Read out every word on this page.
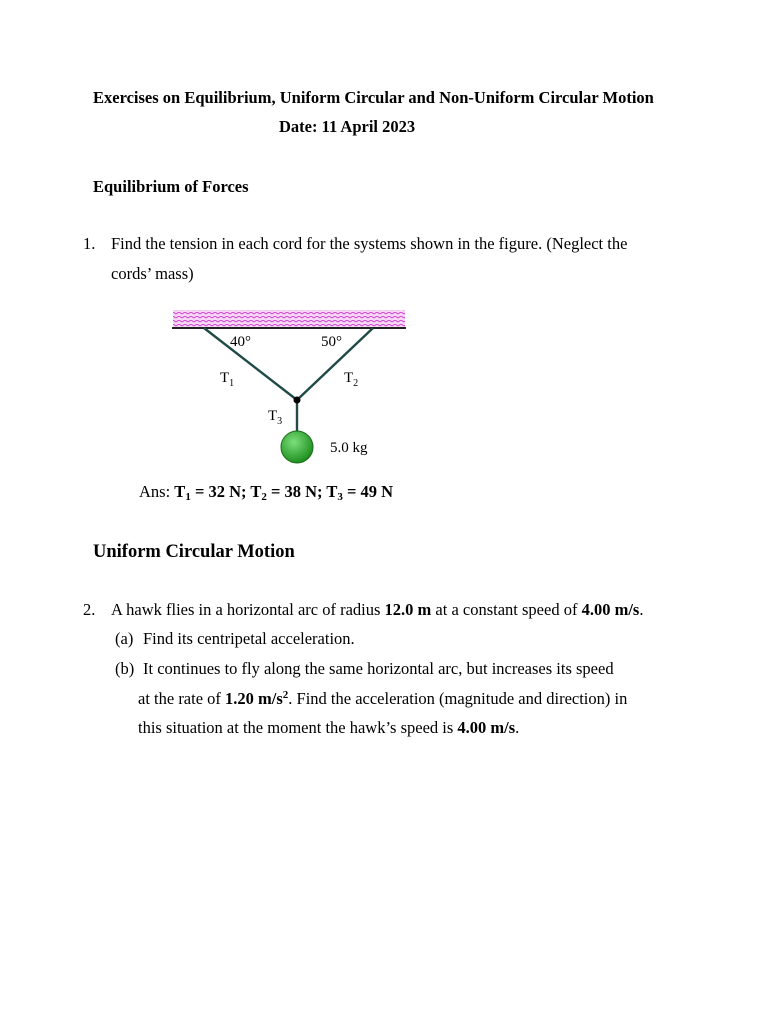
Exercises on Equilibrium, Uniform Circular and Non-Uniform Circular Motion
Date: 11 April 2023
Equilibrium of Forces
1. Find the tension in each cord for the systems shown in the figure. (Neglect the
cords’ mass)
40°	50°
$T_1$	$T_2$
$T_3$
5.0 kg
Ans: $T_1 = 32$ N; $T_2 = 38$ N; $T_3 = 49$ N
Uniform Circular Motion
2. A hawk flies in a horizontal arc of radius 12.0 m at a constant speed of 4.00 m/s.
(a) Find its centripetal acceleration.
(b) It continues to fly along the same horizontal arc, but increases its speed
at the rate of 1.20 $m/s^2$. Find the acceleration (magnitude and direction) in
this situation at the moment the hawk’s speed is 4.00 m/s.
